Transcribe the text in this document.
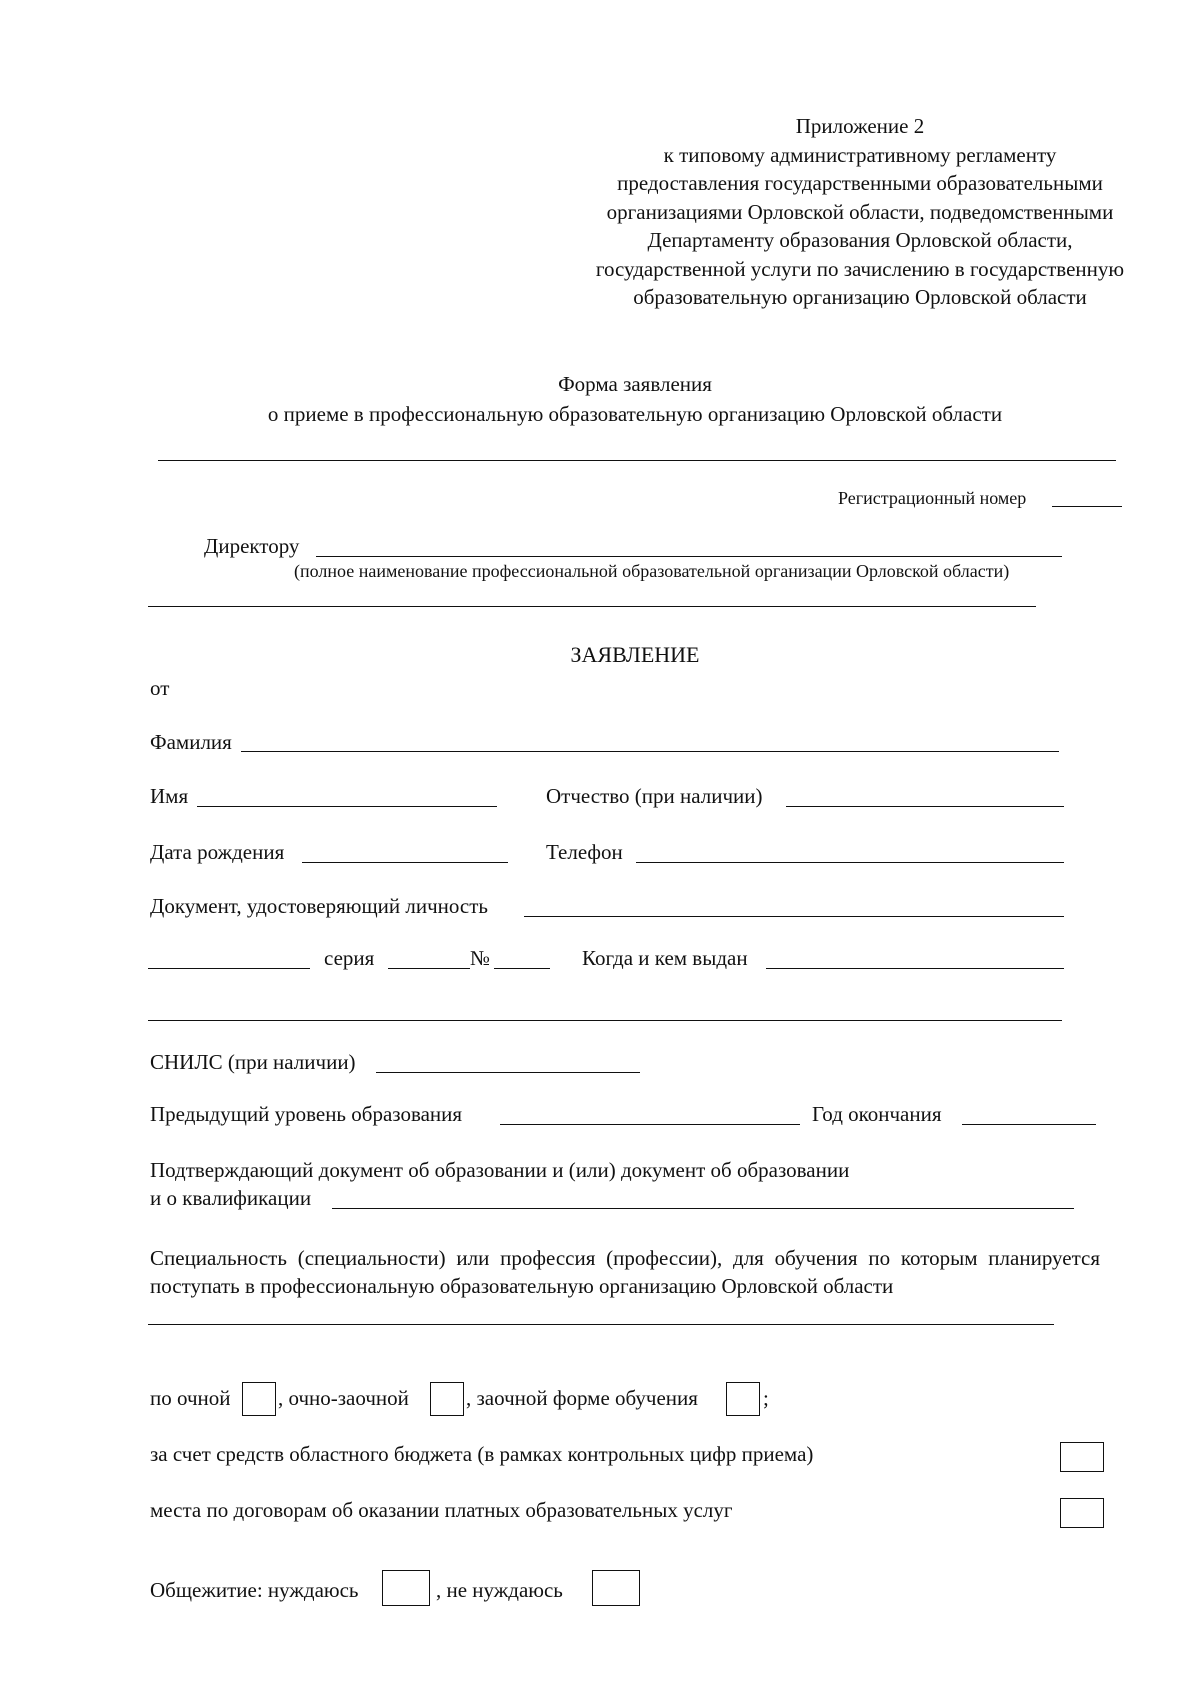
Приложение 2
к типовому административному регламенту
предоставления государственными образовательными
организациями Орловской области, подведомственными
Департаменту образования Орловской области,
государственной услуги по зачислению в государственную
образовательную организацию Орловской области
Форма заявления
о приеме в профессиональную образовательную организацию Орловской области
Регистрационный номер
Директору
(полное наименование профессиональной образовательной организации Орловской области)
ЗАЯВЛЕНИЕ
от
Фамилия
Имя	Отчество (при наличии)
Дата рождения	Телефон
Документ, удостоверяющий личность
серия	№	Когда и кем выдан
СНИЛС (при наличии)
Предыдущий уровень образования	Год окончания
Подтверждающий документ об образовании и (или) документ об образовании
и о квалификации
Специальность (специальности) или профессия (профессии), для обучения по которым планируется поступать в профессиональную образовательную организацию Орловской области
по очной , очно-заочной	, заочной форме обучения	;
за счет средств областного бюджета (в рамках контрольных цифр приема)
места по договорам об оказании платных образовательных услуг
Общежитие: нуждаюсь	, не нуждаюсь
